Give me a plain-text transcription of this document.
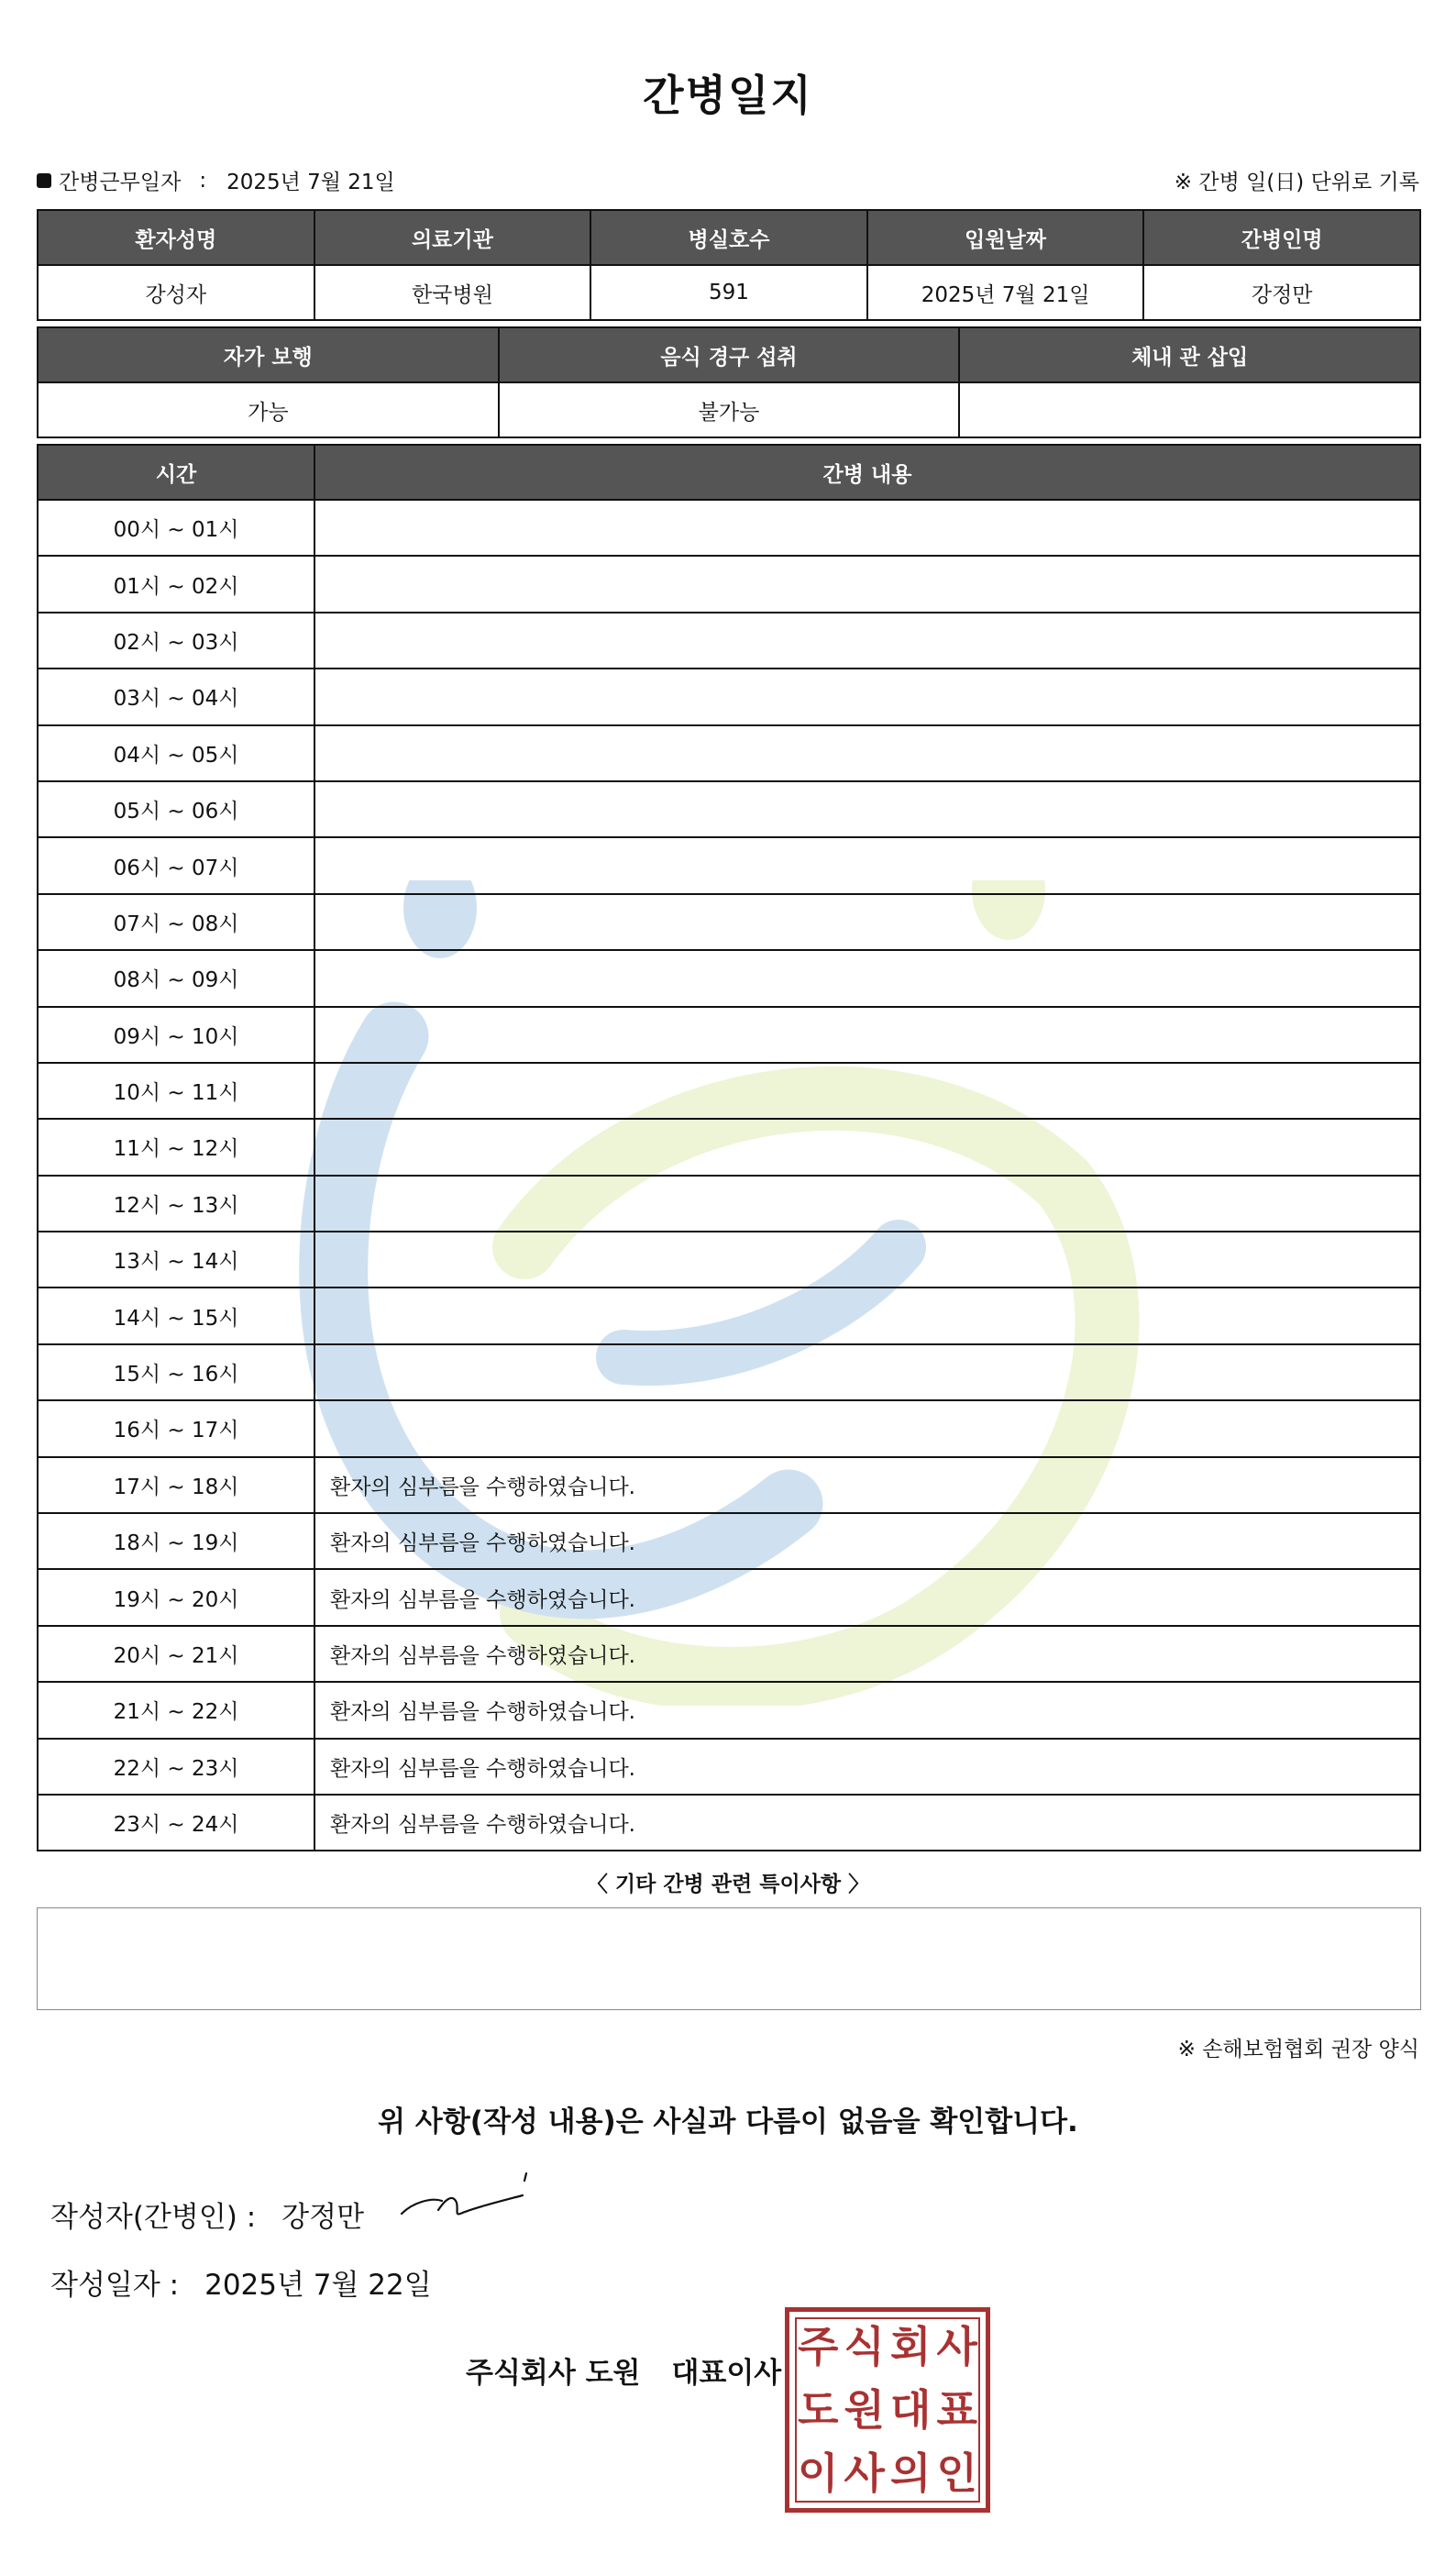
간병일지
간병근무일자 : 2025년 7월 21일	※ 간병 일(日) 단위로 기록
환자성명	의료기관	병실호수	입원날짜	간병인명
강성자	한국병원	591	2025년 7월 21일	강정만
자가 보행	음식 경구 섭취	체내 관 삽입
가능	불가능	
시간	간병 내용
00시 ~ 01시	
01시 ~ 02시	
02시 ~ 03시	
03시 ~ 04시	
04시 ~ 05시	
05시 ~ 06시	
06시 ~ 07시	
07시 ~ 08시	
08시 ~ 09시	
09시 ~ 10시	
10시 ~ 11시	
11시 ~ 12시	
12시 ~ 13시	
13시 ~ 14시	
14시 ~ 15시	
15시 ~ 16시	
16시 ~ 17시	
17시 ~ 18시	환자의 심부름을 수행하였습니다.
18시 ~ 19시	환자의 심부름을 수행하였습니다.
19시 ~ 20시	환자의 심부름을 수행하였습니다.
20시 ~ 21시	환자의 심부름을 수행하였습니다.
21시 ~ 22시	환자의 심부름을 수행하였습니다.
22시 ~ 23시	환자의 심부름을 수행하였습니다.
23시 ~ 24시	환자의 심부름을 수행하였습니다.
〈 기타 간병 관련 특이사항 〉
※ 손해보험협회 권장 양식
위 사항(작성 내용)은 사실과 다름이 없음을 확인합니다.
작성자(간병인) : 강정만
작성일자 : 2025년 7월 22일
주식회사 도원 대표이사
주 식 회 사
도 원 대 표
이 사 의 인
